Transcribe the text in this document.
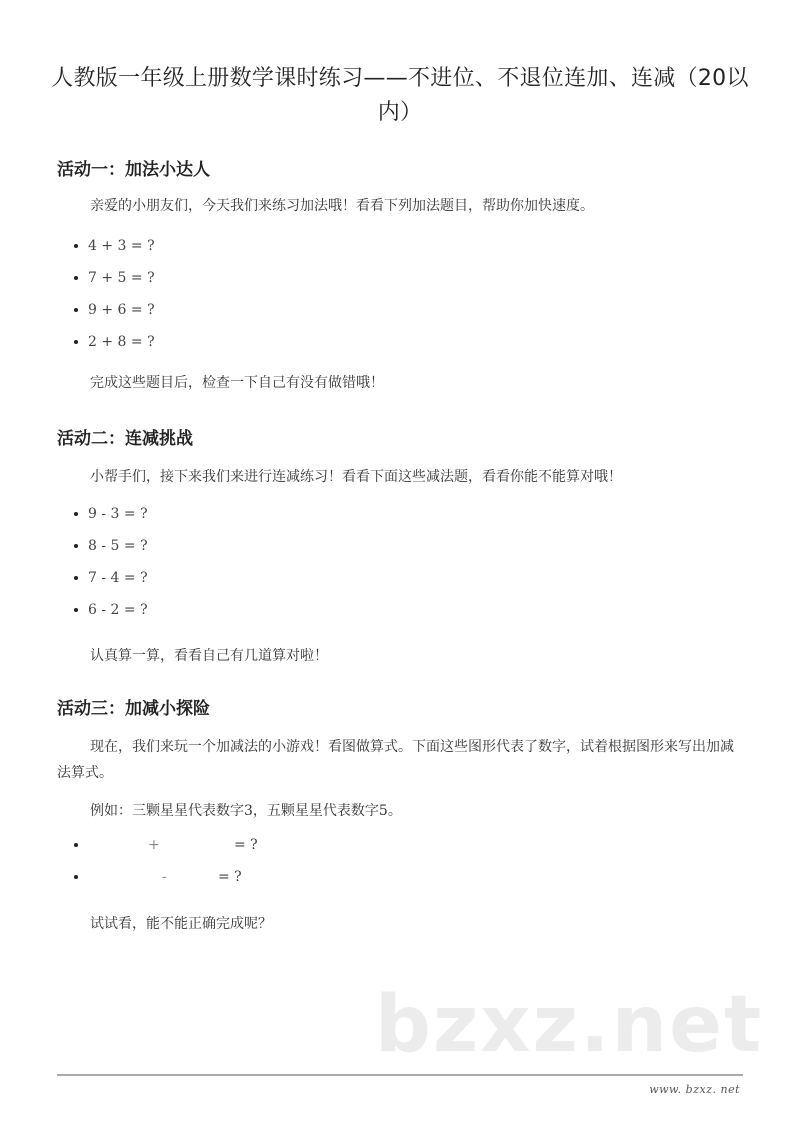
人教版一年级上册数学课时练习——不进位、不退位连加、连减（20以内）
活动一：加法小达人

亲爱的小朋友们，今天我们来练习加法哦！看看下列加法题目，帮助你加快速度。

4 + 3 = ?
7 + 5 = ?
9 + 6 = ?
2 + 8 = ?

完成这些题目后，检查一下自己有没有做错哦！

活动二：连减挑战

小帮手们，接下来我们来进行连减练习！看看下面这些减法题，看看你能不能算对哦！

9 - 3 = ?
8 - 5 = ?
7 - 4 = ?
6 - 2 = ?

认真算一算，看看自己有几道算对啦！

活动三：加减小探险

现在，我们来玩一个加减法的小游戏！看图做算式。下面这些图形代表了数字，试着根据图形来写出加减法算式。

例如：三颗星星代表数字3，五颗星星代表数字5。

+	= ?
-	= ?

试试看，能不能正确完成呢？

bzxz.net
www. bzxz. net
